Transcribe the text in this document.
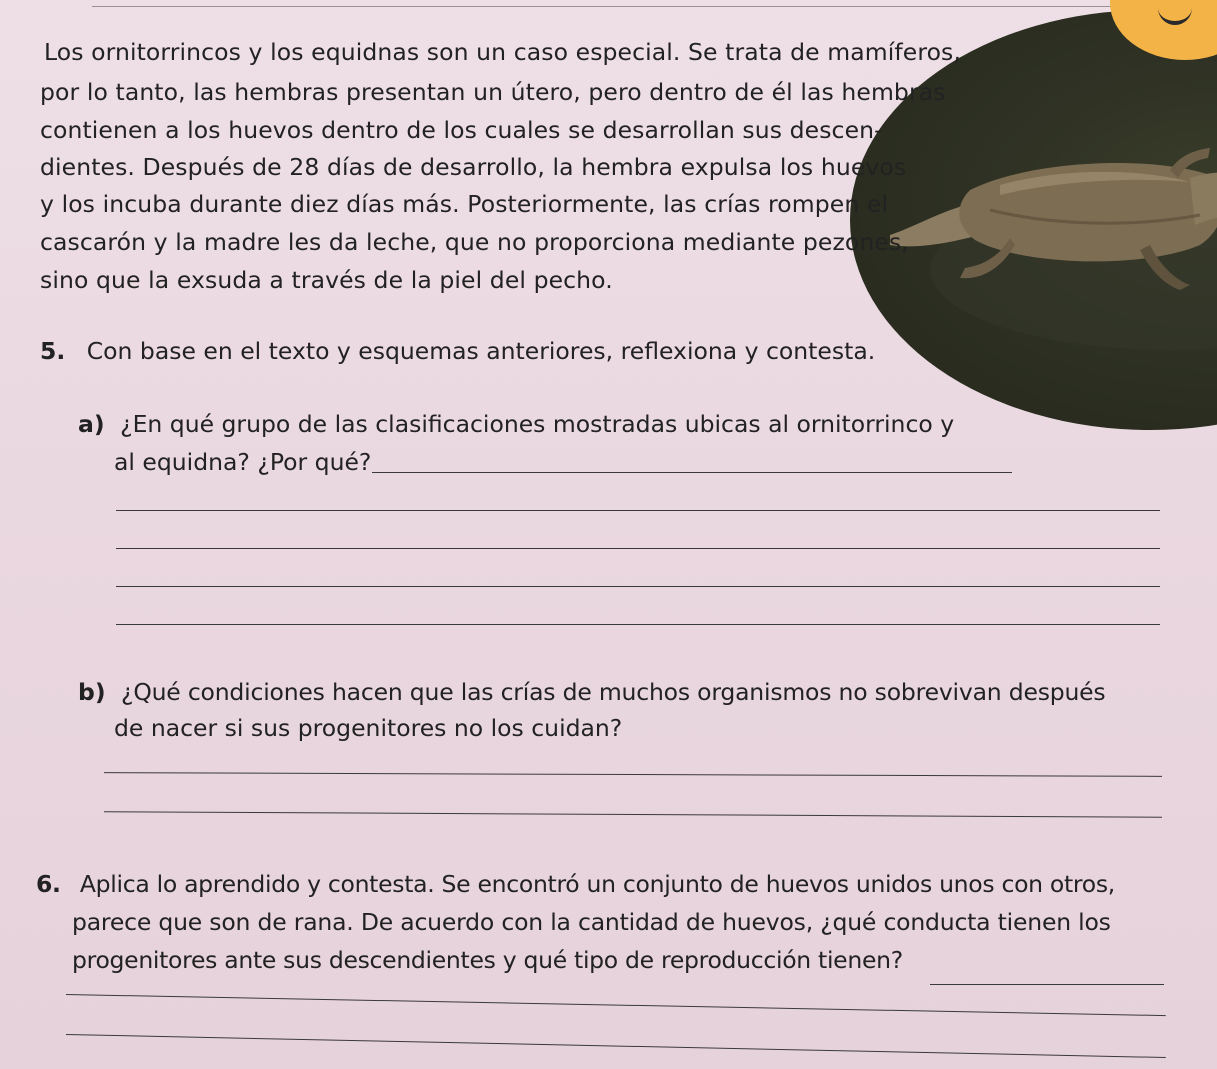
Los ornitorrincos y los equidnas son un caso especial. Se trata de mamíferos,
por lo tanto, las hembras presentan un útero, pero dentro de él las hembras
contienen a los huevos dentro de los cuales se desarrollan sus descen-
dientes. Después de 28 días de desarrollo, la hembra expulsa los huevos
y los incuba durante diez días más. Posteriormente, las crías rompen el
cascarón y la madre les da leche, que no proporciona mediante pezones,
sino que la exsuda a través de la piel del pecho.
5. Con base en el texto y esquemas anteriores, reflexiona y contesta.
a) ¿En qué grupo de las clasificaciones mostradas ubicas al ornitorrinco y
al equidna? ¿Por qué?
b) ¿Qué condiciones hacen que las crías de muchos organismos no sobrevivan después
de nacer si sus progenitores no los cuidan?
6. Aplica lo aprendido y contesta. Se encontró un conjunto de huevos unidos unos con otros,
parece que son de rana. De acuerdo con la cantidad de huevos, ¿qué conducta tienen los
progenitores ante sus descendientes y qué tipo de reproducción tienen?
